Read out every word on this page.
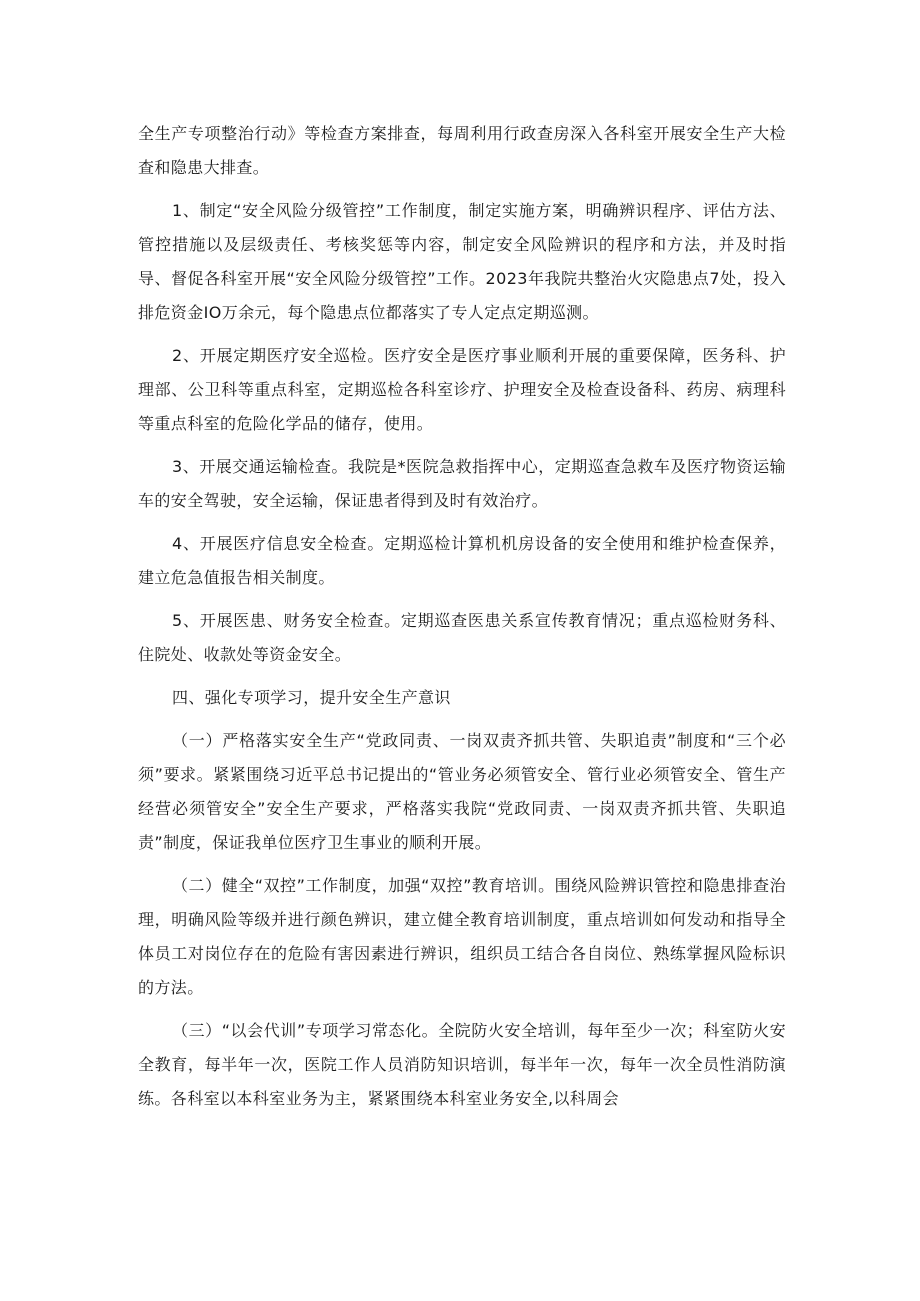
全生产专项整治行动》等检查方案排查，每周利用行政查房深入各科室开展安全生产大检查和隐患大排查。

1、制定“安全风险分级管控”工作制度，制定实施方案，明确辨识程序、评估方法、管控措施以及层级责任、考核奖惩等内容，制定安全风险辨识的程序和方法，并及时指导、督促各科室开展“安全风险分级管控”工作。2023年我院共整治火灾隐患点7处，投入排危资金IO万余元，每个隐患点位都落实了专人定点定期巡测。

2、开展定期医疗安全巡检。医疗安全是医疗事业顺利开展的重要保障，医务科、护理部、公卫科等重点科室，定期巡检各科室诊疗、护理安全及检查设备科、药房、病理科等重点科室的危险化学品的储存，使用。

3、开展交通运输检查。我院是*医院急救指挥中心，定期巡查急救车及医疗物资运输车的安全驾驶，安全运输，保证患者得到及时有效治疗。

4、开展医疗信息安全检查。定期巡检计算机机房设备的安全使用和维护检查保养，建立危急值报告相关制度。

5、开展医患、财务安全检查。定期巡查医患关系宣传教育情况；重点巡检财务科、住院处、收款处等资金安全。

四、强化专项学习，提升安全生产意识

（一）严格落实安全生产“党政同责、一岗双责齐抓共管、失职追责”制度和“三个必须”要求。紧紧围绕习近平总书记提出的“管业务必须管安全、管行业必须管安全、管生产经营必须管安全”安全生产要求，严格落实我院“党政同责、一岗双责齐抓共管、失职追责”制度，保证我单位医疗卫生事业的顺利开展。

（二）健全“双控”工作制度，加强“双控”教育培训。围绕风险辨识管控和隐患排查治理，明确风险等级并进行颜色辨识，建立健全教育培训制度，重点培训如何发动和指导全体员工对岗位存在的危险有害因素进行辨识，组织员工结合各自岗位、熟练掌握风险标识的方法。

（三）“以会代训”专项学习常态化。全院防火安全培训，每年至少一次；科室防火安全教育，每半年一次，医院工作人员消防知识培训，每半年一次，每年一次全员性消防演练。各科室以本科室业务为主，紧紧围绕本科室业务安全,以科周会
